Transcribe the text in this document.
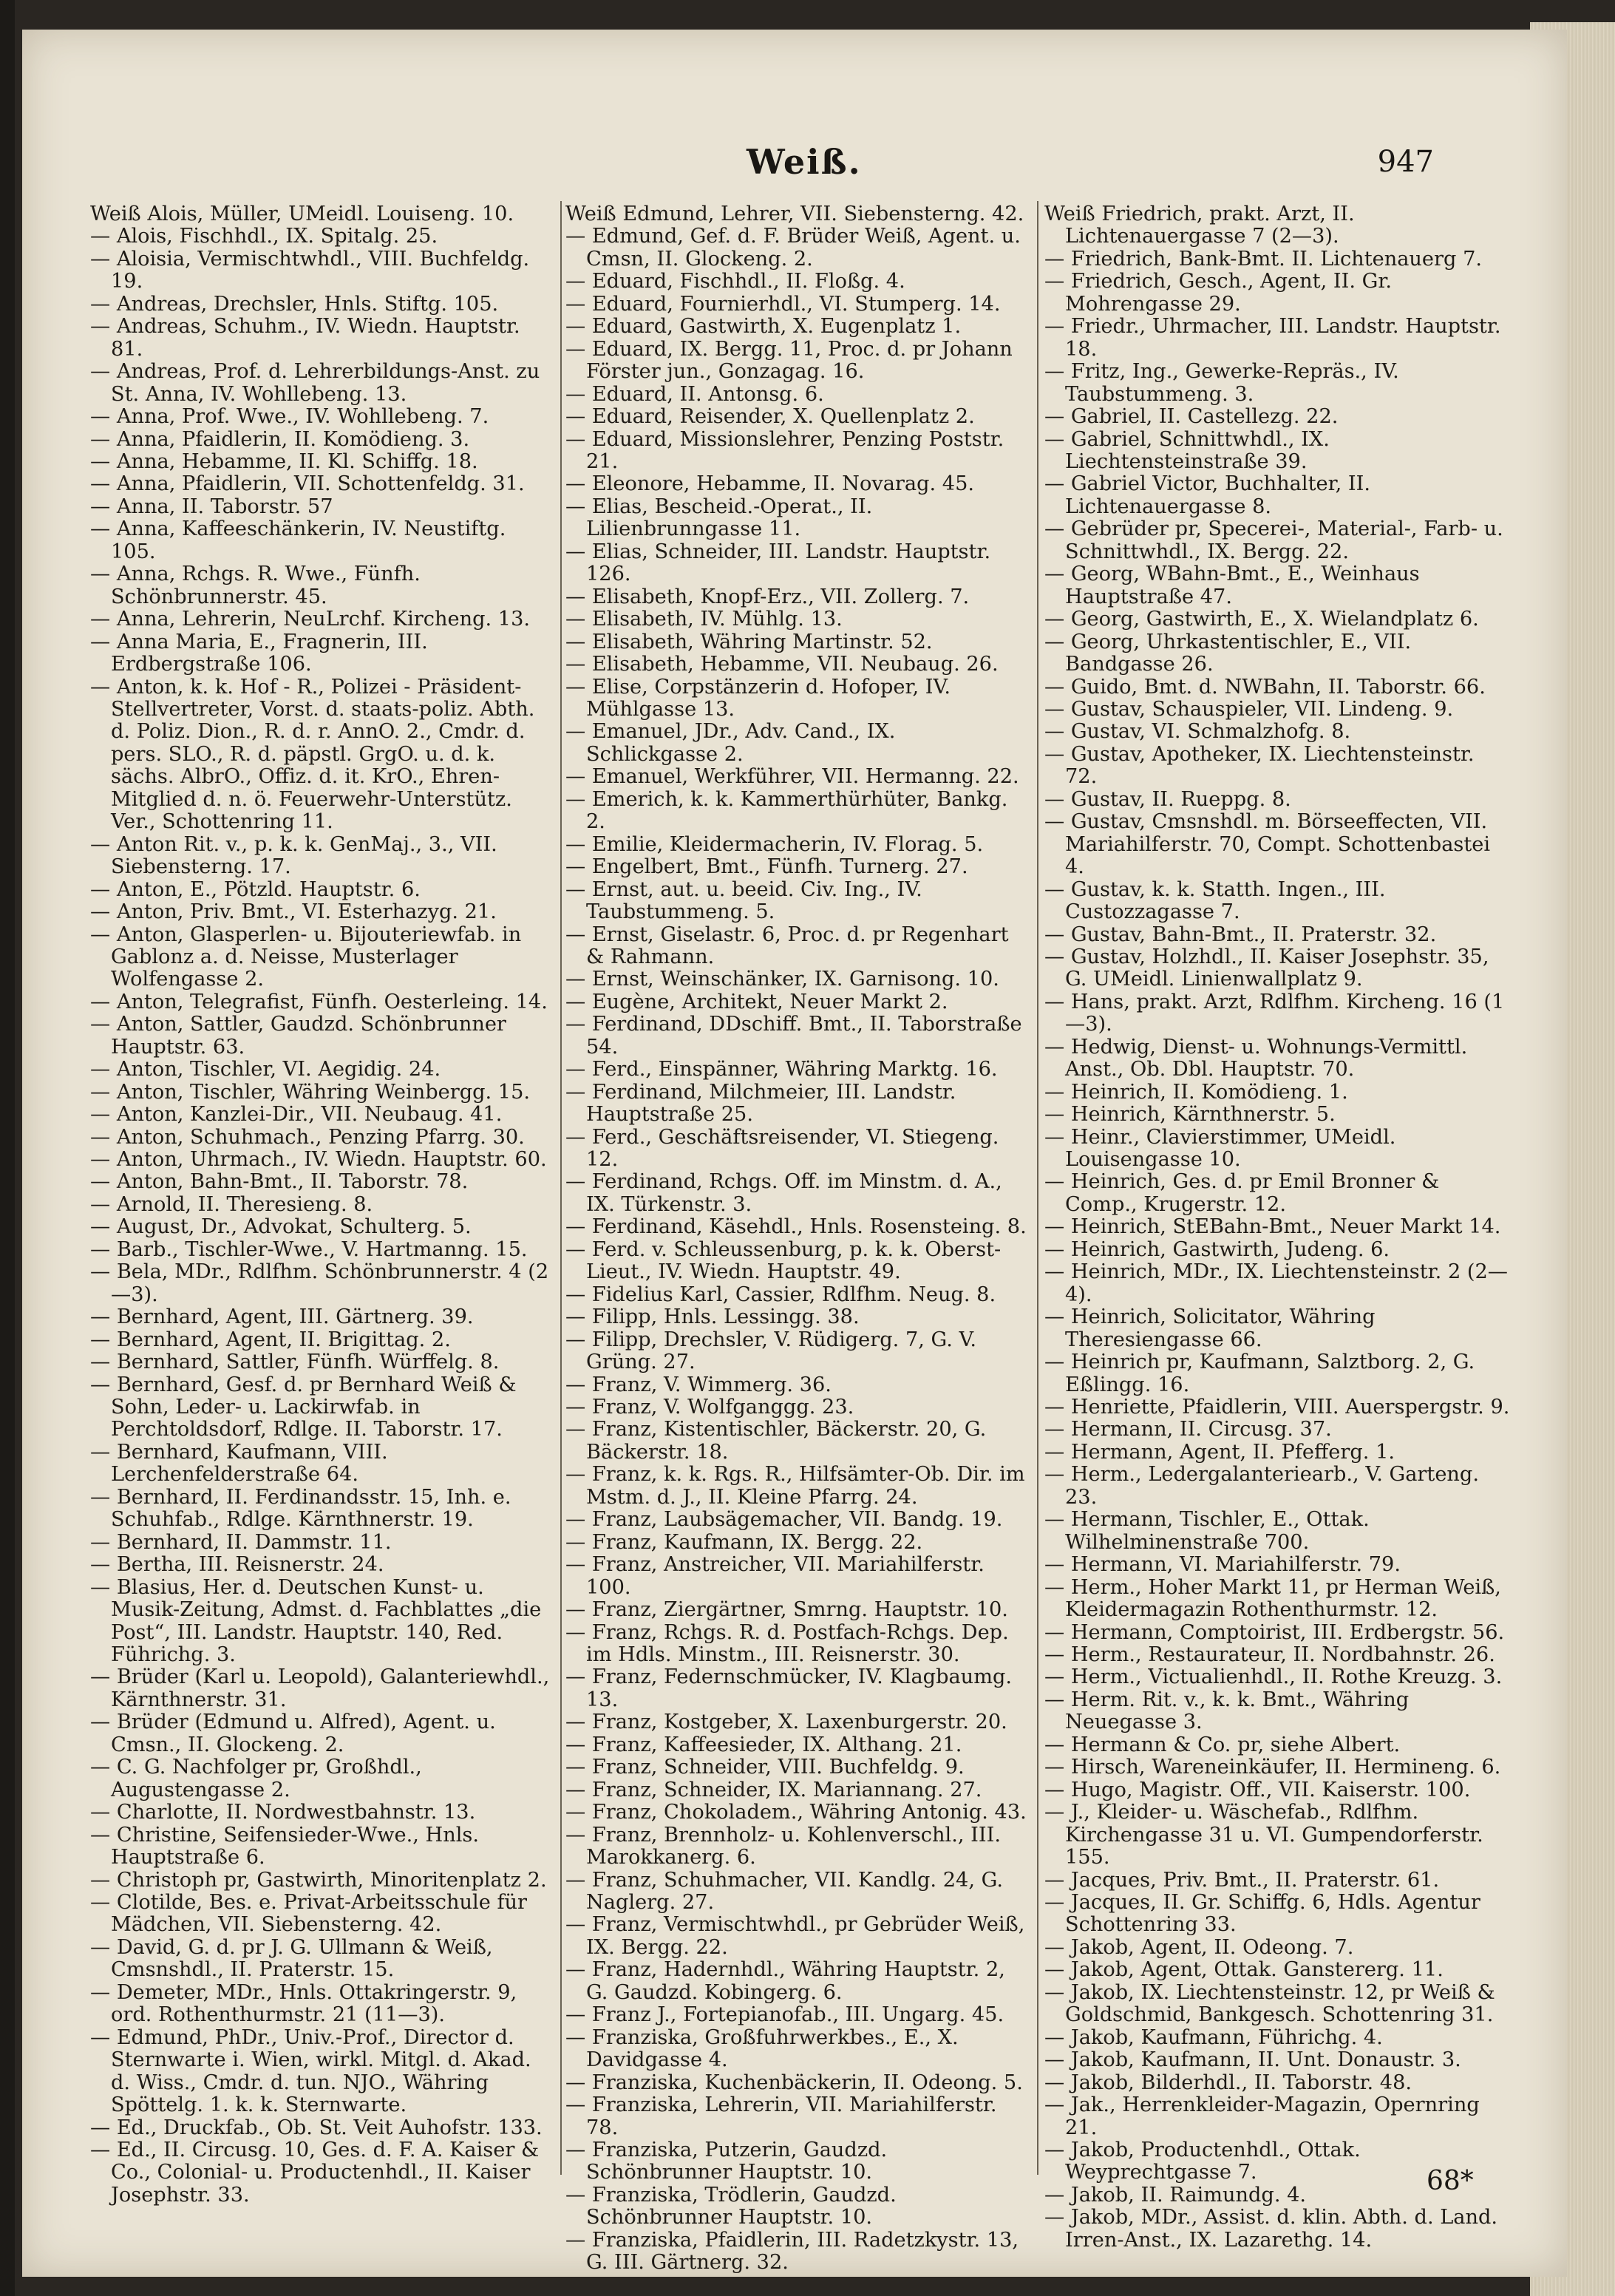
Weiß.	947
Weiß Alois, Müller, UMeidl. Louiseng. 10.
— Alois, Fischhdl., IX. Spitalg. 25.
— Aloisia, Vermischtwhdl., VIII. Buchfeldg. 19.
— Andreas, Drechsler, Hnls. Stiftg. 105.
— Andreas, Schuhm., IV. Wiedn. Hauptstr. 81.
— Andreas, Prof. d. Lehrerbildungs-Anst. zu St. Anna, IV. Wohllebeng. 13.
— Anna, Prof. Wwe., IV. Wohllebeng. 7.
— Anna, Pfaidlerin, II. Komödieng. 3.
— Anna, Hebamme, II. Kl. Schiffg. 18.
— Anna, Pfaidlerin, VII. Schottenfeldg. 31.
— Anna, II. Taborstr. 57
— Anna, Kaffeeschänkerin, IV. Neustiftg. 105.
— Anna, Rchgs. R. Wwe., Fünfh. Schönbrunnerstr. 45.
— Anna, Lehrerin, NeuLrchf. Kircheng. 13.
— Anna Maria, E., Fragnerin, III. Erdbergstraße 106.
— Anton, k. k. Hof - R., Polizei - Präsident-Stellvertreter, Vorst. d. staats-poliz. Abth. d. Poliz. Dion., R. d. r. AnnO. 2., Cmdr. d. pers. SLO., R. d. päpstl. GrgO. u. d. k. sächs. AlbrO., Offiz. d. it. KrO., Ehren-Mitglied d. n. ö. Feuerwehr-Unterstütz. Ver., Schottenring 11.
— Anton Rit. v., p. k. k. GenMaj., 3., VII. Siebensterng. 17.
— Anton, E., Pötzld. Hauptstr. 6.
— Anton, Priv. Bmt., VI. Esterhazyg. 21.
— Anton, Glasperlen- u. Bijouteriewfab. in Gablonz a. d. Neisse, Musterlager Wolfengasse 2.
— Anton, Telegrafist, Fünfh. Oesterleing. 14.
— Anton, Sattler, Gaudzd. Schönbrunner Hauptstr. 63.
— Anton, Tischler, VI. Aegidig. 24.
— Anton, Tischler, Währing Weinbergg. 15.
— Anton, Kanzlei-Dir., VII. Neubaug. 41.
— Anton, Schuhmach., Penzing Pfarrg. 30.
— Anton, Uhrmach., IV. Wiedn. Hauptstr. 60.
— Anton, Bahn-Bmt., II. Taborstr. 78.
— Arnold, II. Theresieng. 8.
— August, Dr., Advokat, Schulterg. 5.
— Barb., Tischler-Wwe., V. Hartmanng. 15.
— Bela, MDr., Rdlfhm. Schönbrunnerstr. 4 (2—3).
— Bernhard, Agent, III. Gärtnerg. 39.
— Bernhard, Agent, II. Brigittag. 2.
— Bernhard, Sattler, Fünfh. Würffelg. 8.
— Bernhard, Gesf. d. pr Bernhard Weiß & Sohn, Leder- u. Lackirwfab. in Perchtoldsdorf, Rdlge. II. Taborstr. 17.
— Bernhard, Kaufmann, VIII. Lerchenfelderstraße 64.
— Bernhard, II. Ferdinandsstr. 15, Inh. e. Schuhfab., Rdlge. Kärnthnerstr. 19.
— Bernhard, II. Dammstr. 11.
— Bertha, III. Reisnerstr. 24.
— Blasius, Her. d. Deutschen Kunst- u. Musik-Zeitung, Admst. d. Fachblattes „die Post“, III. Landstr. Hauptstr. 140, Red. Führichg. 3.
— Brüder (Karl u. Leopold), Galanteriewhdl., Kärnthnerstr. 31.
— Brüder (Edmund u. Alfred), Agent. u. Cmsn., II. Glockeng. 2.
— C. G. Nachfolger pr, Großhdl., Augustengasse 2.
— Charlotte, II. Nordwestbahnstr. 13.
— Christine, Seifensieder-Wwe., Hnls. Hauptstraße 6.
— Christoph pr, Gastwirth, Minoritenplatz 2.
— Clotilde, Bes. e. Privat-Arbeitsschule für Mädchen, VII. Siebensterng. 42.
— David, G. d. pr J. G. Ullmann & Weiß, Cmsnshdl., II. Praterstr. 15.
— Demeter, MDr., Hnls. Ottakringerstr. 9, ord. Rothenthurmstr. 21 (11—3).
— Edmund, PhDr., Univ.-Prof., Director d. Sternwarte i. Wien, wirkl. Mitgl. d. Akad. d. Wiss., Cmdr. d. tun. NJO., Währing Spöttelg. 1. k. k. Sternwarte.
— Ed., Druckfab., Ob. St. Veit Auhofstr. 133.
— Ed., II. Circusg. 10, Ges. d. F. A. Kaiser & Co., Colonial- u. Productenhdl., II. Kaiser Josephstr. 33.
Weiß Edmund, Lehrer, VII. Siebensterng. 42.
— Edmund, Gef. d. F. Brüder Weiß, Agent. u. Cmsn, II. Glockeng. 2.
— Eduard, Fischhdl., II. Floßg. 4.
— Eduard, Fournierhdl., VI. Stumperg. 14.
— Eduard, Gastwirth, X. Eugenplatz 1.
— Eduard, IX. Bergg. 11, Proc. d. pr Johann Förster jun., Gonzagag. 16.
— Eduard, II. Antonsg. 6.
— Eduard, Reisender, X. Quellenplatz 2.
— Eduard, Missionslehrer, Penzing Poststr. 21.
— Eleonore, Hebamme, II. Novarag. 45.
— Elias, Bescheid.-Operat., II. Lilienbrunngasse 11.
— Elias, Schneider, III. Landstr. Hauptstr. 126.
— Elisabeth, Knopf-Erz., VII. Zollerg. 7.
— Elisabeth, IV. Mühlg. 13.
— Elisabeth, Währing Martinstr. 52.
— Elisabeth, Hebamme, VII. Neubaug. 26.
— Elise, Corpstänzerin d. Hofoper, IV. Mühlgasse 13.
— Emanuel, JDr., Adv. Cand., IX. Schlickgasse 2.
— Emanuel, Werkführer, VII. Hermanng. 22.
— Emerich, k. k. Kammerthürhüter, Bankg. 2.
— Emilie, Kleidermacherin, IV. Florag. 5.
— Engelbert, Bmt., Fünfh. Turnerg. 27.
— Ernst, aut. u. beeid. Civ. Ing., IV. Taubstummeng. 5.
— Ernst, Giselastr. 6, Proc. d. pr Regenhart & Rahmann.
— Ernst, Weinschänker, IX. Garnisong. 10.
— Eugène, Architekt, Neuer Markt 2.
— Ferdinand, DDschiff. Bmt., II. Taborstraße 54.
— Ferd., Einspänner, Währing Marktg. 16.
— Ferdinand, Milchmeier, III. Landstr. Hauptstraße 25.
— Ferd., Geschäftsreisender, VI. Stiegeng. 12.
— Ferdinand, Rchgs. Off. im Minstm. d. A., IX. Türkenstr. 3.
— Ferdinand, Käsehdl., Hnls. Rosensteing. 8.
— Ferd. v. Schleussenburg, p. k. k. Oberst-Lieut., IV. Wiedn. Hauptstr. 49.
— Fidelius Karl, Cassier, Rdlfhm. Neug. 8.
— Filipp, Hnls. Lessingg. 38.
— Filipp, Drechsler, V. Rüdigerg. 7, G. V. Grüng. 27.
— Franz, V. Wimmerg. 36.
— Franz, V. Wolfganggg. 23.
— Franz, Kistentischler, Bäckerstr. 20, G. Bäckerstr. 18.
— Franz, k. k. Rgs. R., Hilfsämter-Ob. Dir. im Mstm. d. J., II. Kleine Pfarrg. 24.
— Franz, Laubsägemacher, VII. Bandg. 19.
— Franz, Kaufmann, IX. Bergg. 22.
— Franz, Anstreicher, VII. Mariahilferstr. 100.
— Franz, Ziergärtner, Smrng. Hauptstr. 10.
— Franz, Rchgs. R. d. Postfach-Rchgs. Dep. im Hdls. Minstm., III. Reisnerstr. 30.
— Franz, Federnschmücker, IV. Klagbaumg. 13.
— Franz, Kostgeber, X. Laxenburgerstr. 20.
— Franz, Kaffeesieder, IX. Althang. 21.
— Franz, Schneider, VIII. Buchfeldg. 9.
— Franz, Schneider, IX. Mariannang. 27.
— Franz, Chokoladem., Währing Antonig. 43.
— Franz, Brennholz- u. Kohlenverschl., III. Marokkanerg. 6.
— Franz, Schuhmacher, VII. Kandlg. 24, G. Naglerg. 27.
— Franz, Vermischtwhdl., pr Gebrüder Weiß, IX. Bergg. 22.
— Franz, Hadernhdl., Währing Hauptstr. 2, G. Gaudzd. Kobingerg. 6.
— Franz J., Fortepianofab., III. Ungarg. 45.
— Franziska, Großfuhrwerkbes., E., X. Davidgasse 4.
— Franziska, Kuchenbäckerin, II. Odeong. 5.
— Franziska, Lehrerin, VII. Mariahilferstr. 78.
— Franziska, Putzerin, Gaudzd. Schönbrunner Hauptstr. 10.
— Franziska, Trödlerin, Gaudzd. Schönbrunner Hauptstr. 10.
— Franziska, Pfaidlerin, III. Radetzkystr. 13, G. III. Gärtnerg. 32.
Weiß Friedrich, prakt. Arzt, II. Lichtenauergasse 7 (2—3).
— Friedrich, Bank-Bmt. II. Lichtenauerg 7.
— Friedrich, Gesch., Agent, II. Gr. Mohrengasse 29.
— Friedr., Uhrmacher, III. Landstr. Hauptstr. 18.
— Fritz, Ing., Gewerke-Repräs., IV. Taubstummeng. 3.
— Gabriel, II. Castellezg. 22.
— Gabriel, Schnittwhdl., IX. Liechtensteinstraße 39.
— Gabriel Victor, Buchhalter, II. Lichtenauergasse 8.
— Gebrüder pr, Specerei-, Material-, Farb- u. Schnittwhdl., IX. Bergg. 22.
— Georg, WBahn-Bmt., E., Weinhaus Hauptstraße 47.
— Georg, Gastwirth, E., X. Wielandplatz 6.
— Georg, Uhrkastentischler, E., VII. Bandgasse 26.
— Guido, Bmt. d. NWBahn, II. Taborstr. 66.
— Gustav, Schauspieler, VII. Lindeng. 9.
— Gustav, VI. Schmalzhofg. 8.
— Gustav, Apotheker, IX. Liechtensteinstr. 72.
— Gustav, II. Rueppg. 8.
— Gustav, Cmsnshdl. m. Börseeffecten, VII. Mariahilferstr. 70, Compt. Schottenbastei 4.
— Gustav, k. k. Statth. Ingen., III. Custozzagasse 7.
— Gustav, Bahn-Bmt., II. Praterstr. 32.
— Gustav, Holzhdl., II. Kaiser Josephstr. 35, G. UMeidl. Linienwallplatz 9.
— Hans, prakt. Arzt, Rdlfhm. Kircheng. 16 (1—3).
— Hedwig, Dienst- u. Wohnungs-Vermittl. Anst., Ob. Dbl. Hauptstr. 70.
— Heinrich, II. Komödieng. 1.
— Heinrich, Kärnthnerstr. 5.
— Heinr., Clavierstimmer, UMeidl. Louisengasse 10.
— Heinrich, Ges. d. pr Emil Bronner & Comp., Krugerstr. 12.
— Heinrich, StEBahn-Bmt., Neuer Markt 14.
— Heinrich, Gastwirth, Judeng. 6.
— Heinrich, MDr., IX. Liechtensteinstr. 2 (2—4).
— Heinrich, Solicitator, Währing Theresiengasse 66.
— Heinrich pr, Kaufmann, Salztborg. 2, G. Eßlingg. 16.
— Henriette, Pfaidlerin, VIII. Auerspergstr. 9.
— Hermann, II. Circusg. 37.
— Hermann, Agent, II. Pfefferg. 1.
— Herm., Ledergalanteriearb., V. Garteng. 23.
— Hermann, Tischler, E., Ottak. Wilhelminenstraße 700.
— Hermann, VI. Mariahilferstr. 79.
— Herm., Hoher Markt 11, pr Herman Weiß, Kleidermagazin Rothenthurmstr. 12.
— Hermann, Comptoirist, III. Erdbergstr. 56.
— Herm., Restaurateur, II. Nordbahnstr. 26.
— Herm., Victualienhdl., II. Rothe Kreuzg. 3.
— Herm. Rit. v., k. k. Bmt., Währing Neuegasse 3.
— Hermann & Co. pr, siehe Albert.
— Hirsch, Wareneinkäufer, II. Hermineng. 6.
— Hugo, Magistr. Off., VII. Kaiserstr. 100.
— J., Kleider- u. Wäschefab., Rdlfhm. Kirchengasse 31 u. VI. Gumpendorferstr. 155.
— Jacques, Priv. Bmt., II. Praterstr. 61.
— Jacques, II. Gr. Schiffg. 6, Hdls. Agentur Schottenring 33.
— Jakob, Agent, II. Odeong. 7.
— Jakob, Agent, Ottak. Ganstererg. 11.
— Jakob, IX. Liechtensteinstr. 12, pr Weiß & Goldschmid, Bankgesch. Schottenring 31.
— Jakob, Kaufmann, Führichg. 4.
— Jakob, Kaufmann, II. Unt. Donaustr. 3.
— Jakob, Bilderhdl., II. Taborstr. 48.
— Jak., Herrenkleider-Magazin, Opernring 21.
— Jakob, Productenhdl., Ottak. Weyprechtgasse 7.
— Jakob, II. Raimundg. 4.
— Jakob, MDr., Assist. d. klin. Abth. d. Land. Irren-Anst., IX. Lazarethg. 14.
68*
